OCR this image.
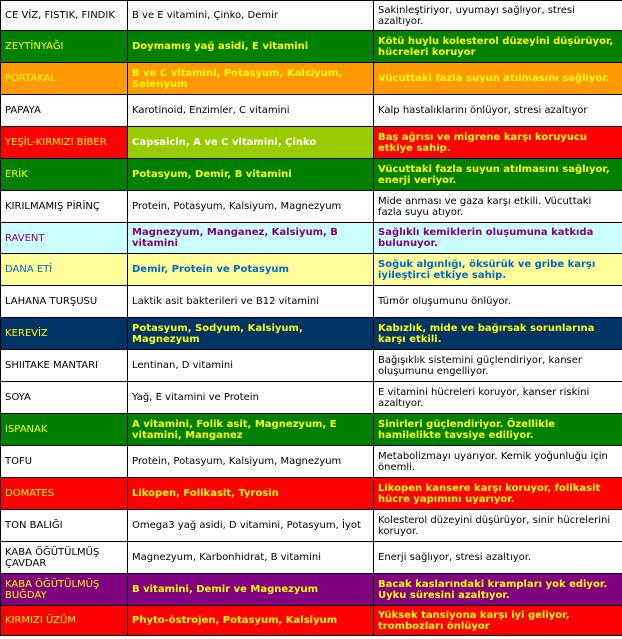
CE VİZ, FISTIK, FINDIK	B ve E vitamini, Çinko, Demir	Sakinleştiriyor, uyumayı sağlıyor, stresi azaltıyor.
ZEYTİNYAĞI	Doymamış yağ asidi, E vitamini	Kötü huylu kolesterol düzeyini düşürüyor, hücreleri koruyor
PORTAKAL	B ve C vitamini, Potasyum, Kalsiyum, Selenyum	Vücuttaki fazla suyun atılmasını sağlıyor.
PAPAYA	Karotinoid, Enzimler, C vitamini	Kalp hastalıklarını önlüyor, stresi azaltıyor
YEŞİL-KIRMIZI BİBER	Capsaicin, A ve C vitamini, Çinko	Baş ağrısı ve migrene karşı koruyucu etkiye sahip.
ERİK	Potasyum, Demir, B vitamini	Vücuttaki fazla suyun atılmasını sağlıyor, enerji veriyor.
KIRILMAMIŞ PİRİNÇ	Protein, Potasyum, Kalsiyum, Magnezyum	Mide anması ve gaza karşı etkili. Vücuttaki fazla suyu atıyor.
RAVENT	Magnezyum, Manganez, Kalsiyum, B vitamini	Sağlıklı kemiklerin oluşumuna katkıda bulunuyor.
DANA ETİ	Demir, Protein ve Potasyum	Soğuk algınlığı, öksürük ve gribe karşı iyileştirci etkiye sahip.
LAHANA TURŞUSU	Laktik asit bakterileri ve B12 vitamini	Tümör oluşumunu önlüyor.
KEREVİZ	Potasyum, Sodyum, Kalsiyum, Magnezyum	Kabızlık, mide ve bağırsak sorunlarına karşı etkili.
SHIITAKE MANTARI	Lentinan, D vitamini	Bağışıklık sistemini güçlendiriyor, kanser oluşumunu engelliyor.
SOYA	Yağ, E vitamini ve Protein	E vitamini hücreleri koruyor, kanser riskini azaltıyor.
ISPANAK	A vitamini, Folik asit, Magnezyum, E vitamini, Manganez	Sinirleri güçlendiriyor. Özellikle hamilelikte tavsiye ediliyor.
TOFU	Protein, Potasyum, Kalsiyum, Magnezyum	Metabolizmayı uyarıyor. Kemik yoğunluğu için önemli.
DOMATES	Likopen, Folikasit, Tyrosin	Likopen kansere karşı koruyor, folikasit hücre yapımını uyarıyor.
TON BALIĞI	Omega3 yağ asidi, D vitamini, Potasyum, İyot	Kolesterol düzeyini düşürüyor, sinir hücrelerini koruyor.
KABA ÖĞÜTÜLMÜŞ ÇAVDAR	Magnezyum, Karbonhidrat, B vitamini	Enerji sağlıyor, stresi azaltıyor.
KABA ÖĞÜTÜLMÜŞ BUĞDAY	B vitamini, Demir ve Magnezyum	Bacak kaslarındaki krampları yok ediyor. Uyku süresini azaltıyor.
KIRMIZI ÜZÜM	Phyto-östrojen, Potasyum, Kalsiyum	Yüksek tansiyona karşı iyi geliyor, trombozları önlüyor
